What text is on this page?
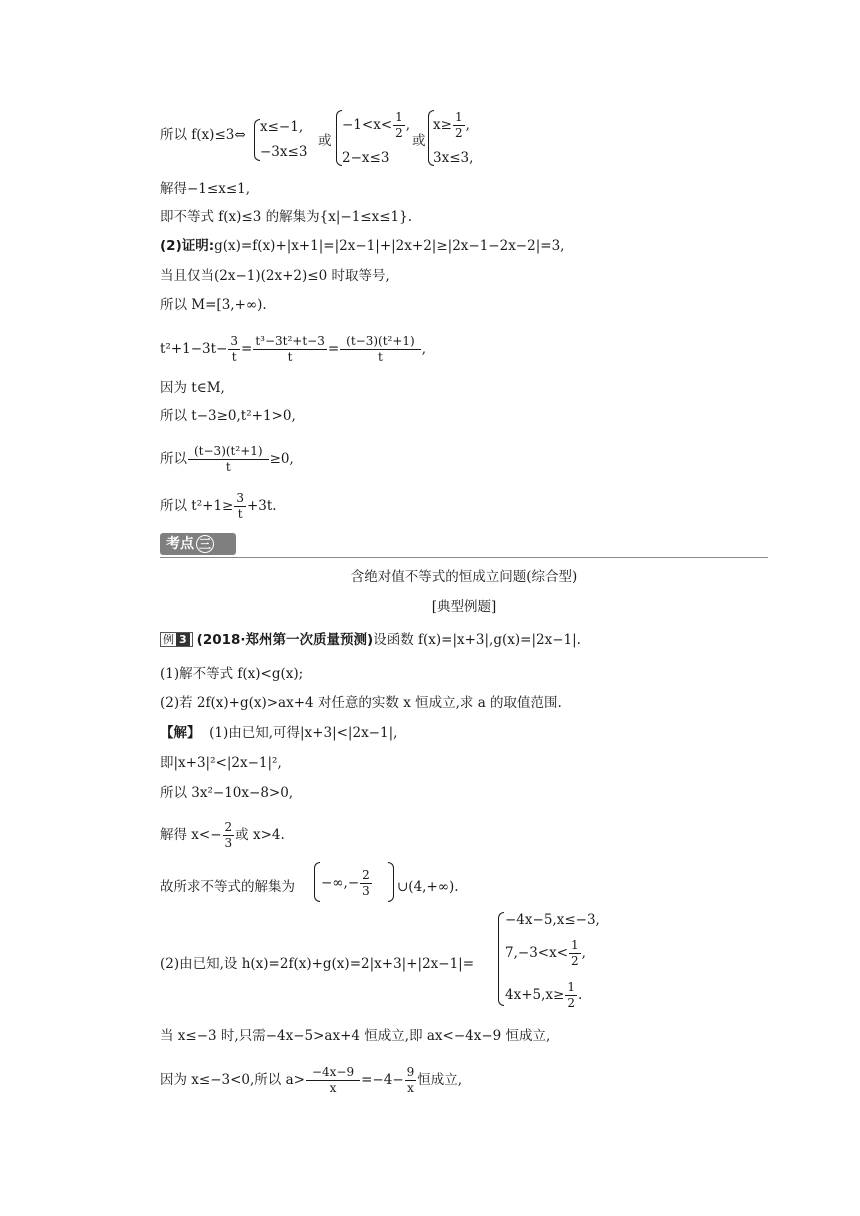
所以 f(x)≤3⇔ x≤−1,
−3x≤3
或
$-1<x< \frac{1}{2}$ ,
2−x≤3
或
$x\ge \frac{1}{2}$ ,
3x≤3,
解得−1≤x≤1,
即不等式 f(x)≤3 的解集为{x|−1≤x≤1}.
(2)证明:g(x)=f(x)+|x+1|=|2x−1|+|2x+2|≥|2x−1−2x−2|=3,
当且仅当(2x−1)(2x+2)≤0 时取等号,
所以 M=[3,+∞).
$t^2+1-3t- \frac{3}{t} = \frac{\text{t³−3t²+t−3}}{t} = \frac{\text{(t−3)(t²+1)}}{t}$ ,
因为 t∈M,
所以 t−3≥0,t²+1>0,
所以 $\frac{\text{(t−3)(t²+1)}}{t} \ge 0$,
所以 $t^2+1\ge \frac{3}{t} +3t$.
考点 三
含绝对值不等式的恒成立问题(综合型)
[典型例题]
例 3 (2018·郑州第一次质量预测)设函数 f(x)=|x+3|,g(x)=|2x−1|.
(1)解不等式 f(x)<g(x);
(2)若 2f(x)+g(x)>ax+4 对任意的实数 x 恒成立,求 a 的取值范围.
【解】 (1)由已知,可得|x+3|<|2x−1|,
即|x+3|²<|2x−1|²,
所以 3x²−10x−8>0,
解得 $x<- \frac{2}{3}$ 或 x>4.
故所求不等式的解集为 −∞,− $\frac{2}{3}$ ∪(4,+∞).
(2)由已知,设 h(x)=2f(x)+g(x)=2|x+3|+|2x−1|=
−4x−5,x≤−3,
$7,-3<x< \frac{1}{2}$ ,
$4x+5,x\ge \frac{1}{2}$ .
当 x≤−3 时,只需−4x−5>ax+4 恒成立,即 ax<−4x−9 恒成立,
因为 x≤−3<0,所以 $a> \frac{-4x-9}{x} =-4- \frac{9}{x}$ 恒成立,
